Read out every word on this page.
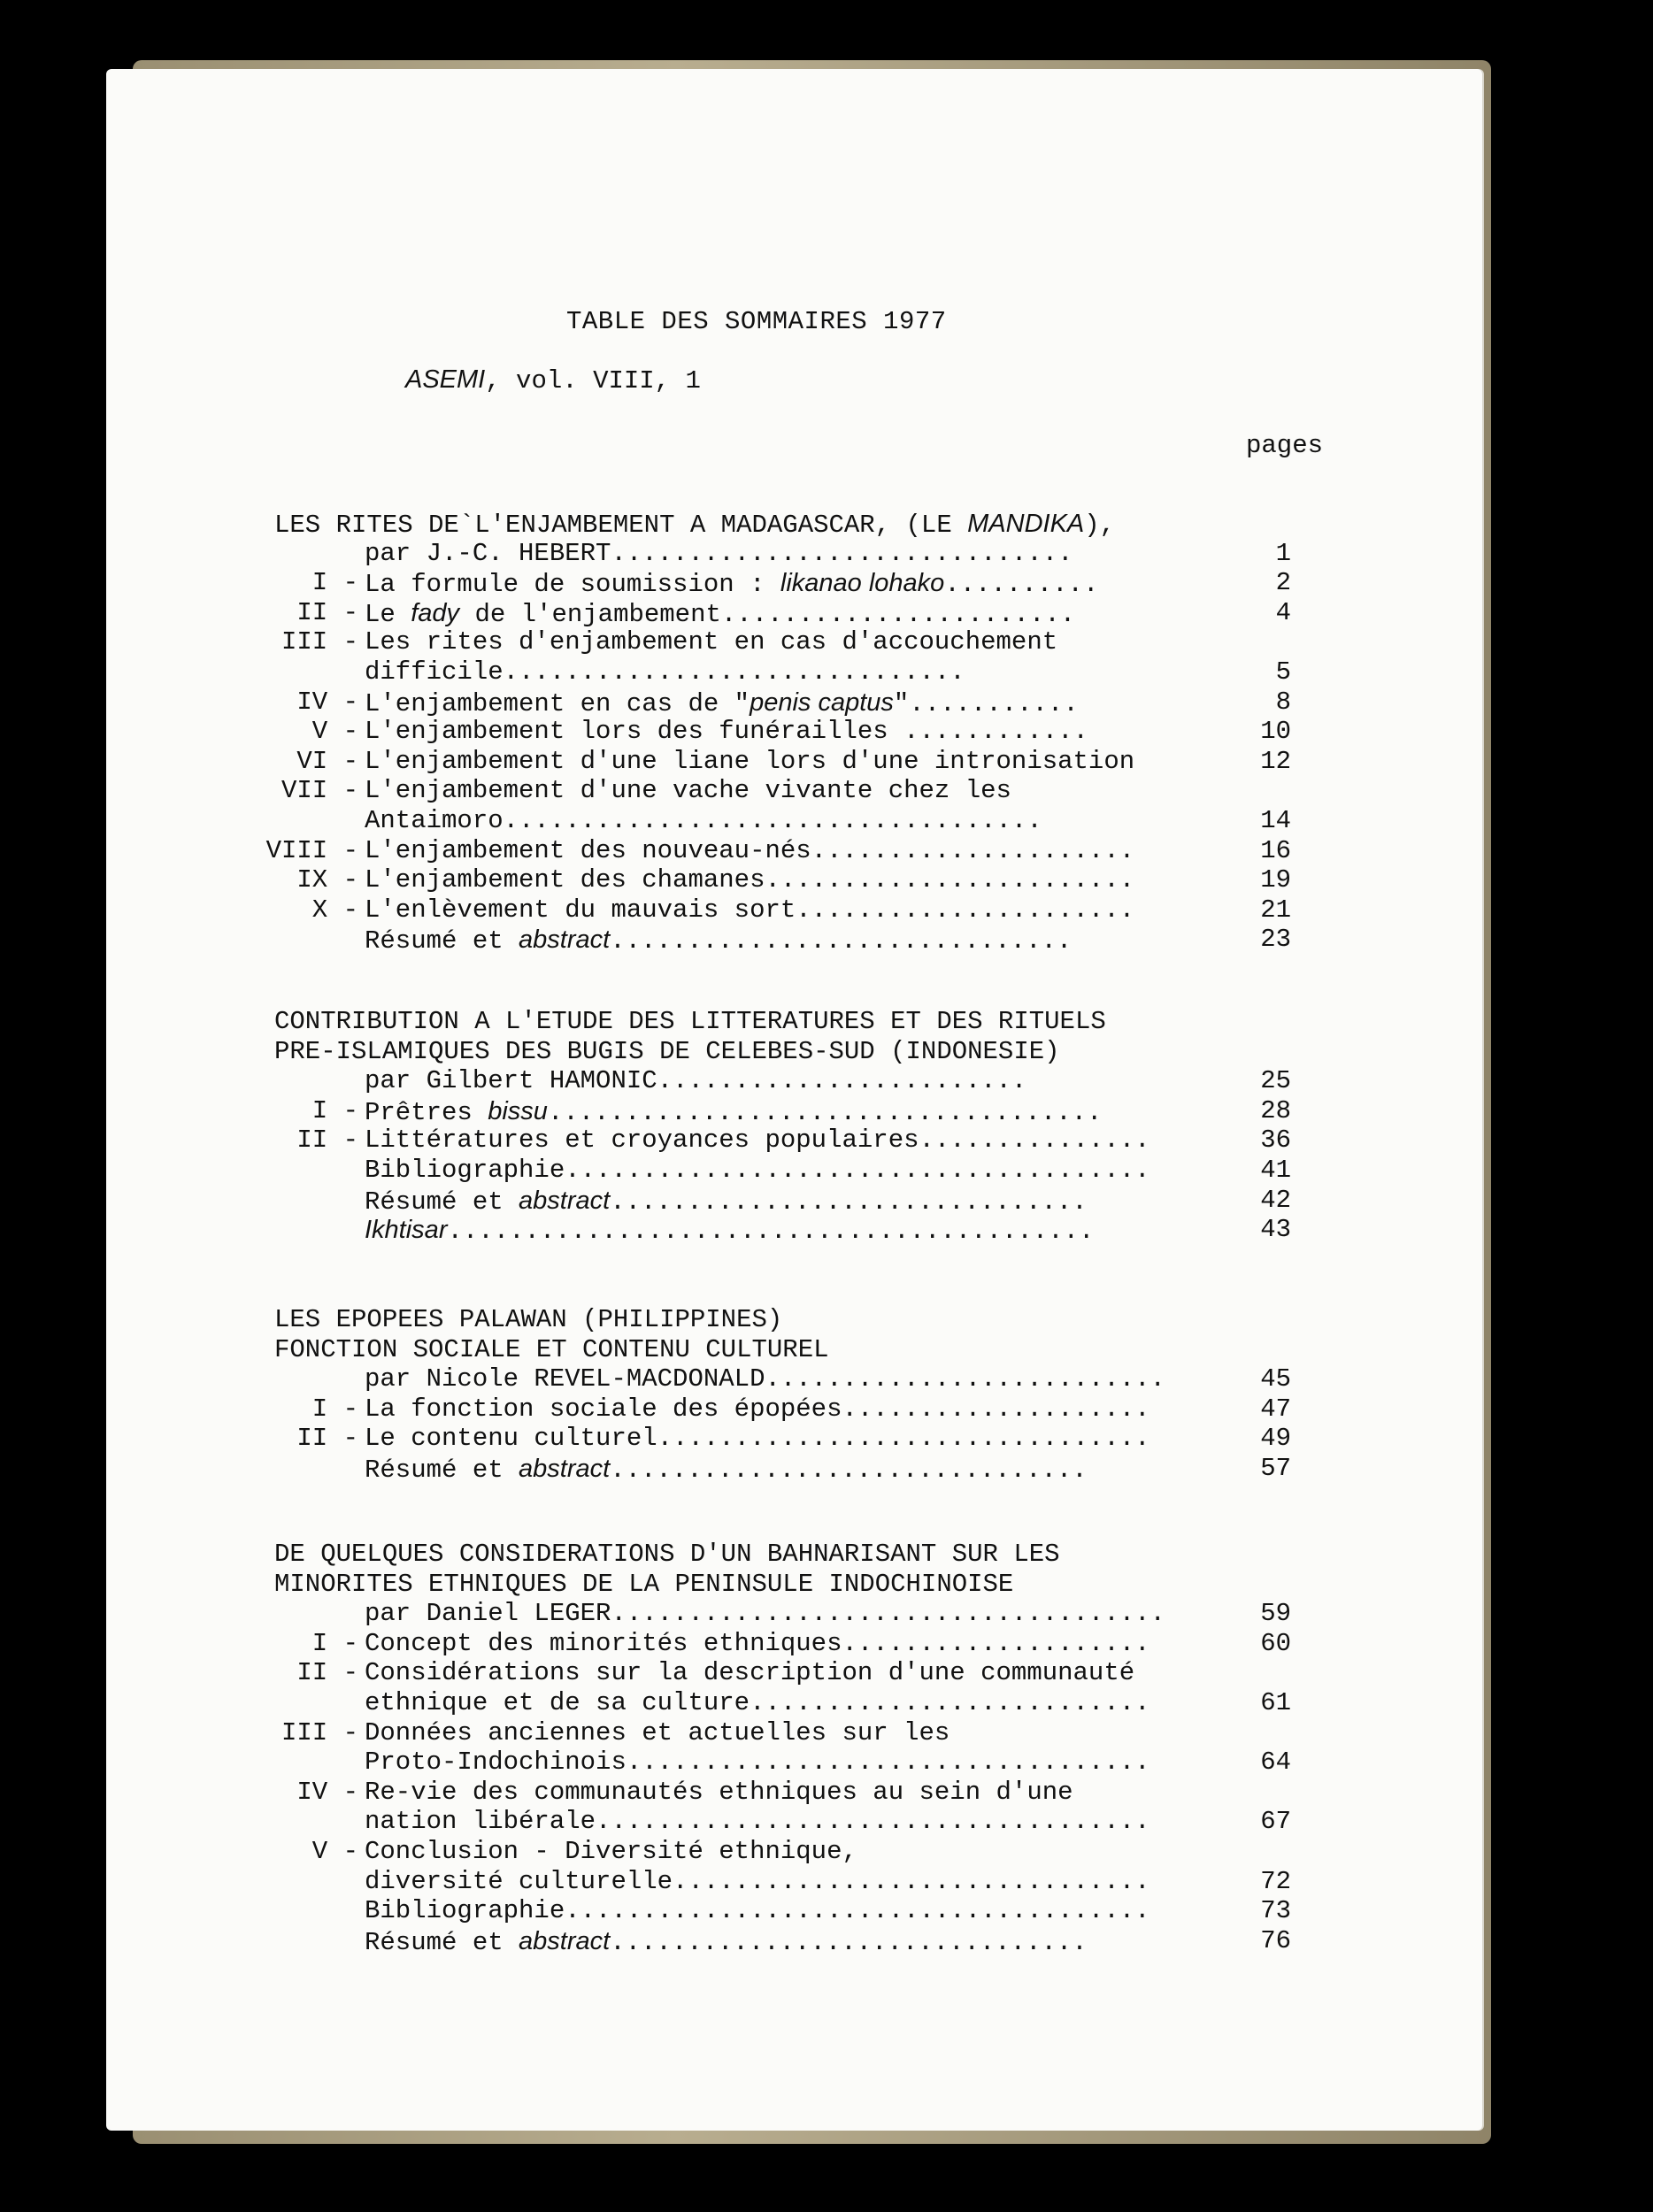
TABLE DES SOMMAIRES 1977
ASEMI, vol. VIII, 1
pages
LES RITES DE`L'ENJAMBEMENT A MADAGASCAR, (LE MANDIKA),
par J.-C. HEBERT..............................	1
I - La formule de soumission : likanao lohako..........	2
II - Le fady de l'enjambement.......................	4
III - Les rites d'enjambement en cas d'accouchement
difficile..............................	5
IV - L'enjambement en cas de "penis captus"...........	8
V - L'enjambement lors des funérailles ............	10
VI - L'enjambement d'une liane lors d'une intronisation	12
VII - L'enjambement d'une vache vivante chez les
Antaimoro...................................	14
VIII - L'enjambement des nouveau-nés.....................	16
IX - L'enjambement des chamanes........................	19
X - L'enlèvement du mauvais sort......................	21
Résumé et abstract..............................	23
CONTRIBUTION A L'ETUDE DES LITTERATURES ET DES RITUELS
PRE-ISLAMIQUES DES BUGIS DE CELEBES-SUD (INDONESIE)
par Gilbert HAMONIC........................	25
I - Prêtres bissu....................................	28
II - Littératures et croyances populaires...............	36
Bibliographie......................................	41
Résumé et abstract...............................	42
Ikhtisar..........................................	43
LES EPOPEES PALAWAN (PHILIPPINES)
FONCTION SOCIALE ET CONTENU CULTUREL
par Nicole REVEL-MACDONALD..........................	45
I - La fonction sociale des épopées....................	47
II - Le contenu culturel................................	49
Résumé et abstract...............................	57
DE QUELQUES CONSIDERATIONS D'UN BAHNARISANT SUR LES
MINORITES ETHNIQUES DE LA PENINSULE INDOCHINOISE
par Daniel LEGER....................................	59
I - Concept des minorités ethniques....................	60
II - Considérations sur la description d'une communauté
ethnique et de sa culture..........................	61
III - Données anciennes et actuelles sur les
Proto-Indochinois..................................	64
IV - Re-vie des communautés ethniques au sein d'une
nation libérale....................................	67
V - Conclusion - Diversité ethnique,
diversité culturelle...............................	72
Bibliographie......................................	73
Résumé et abstract...............................	76
